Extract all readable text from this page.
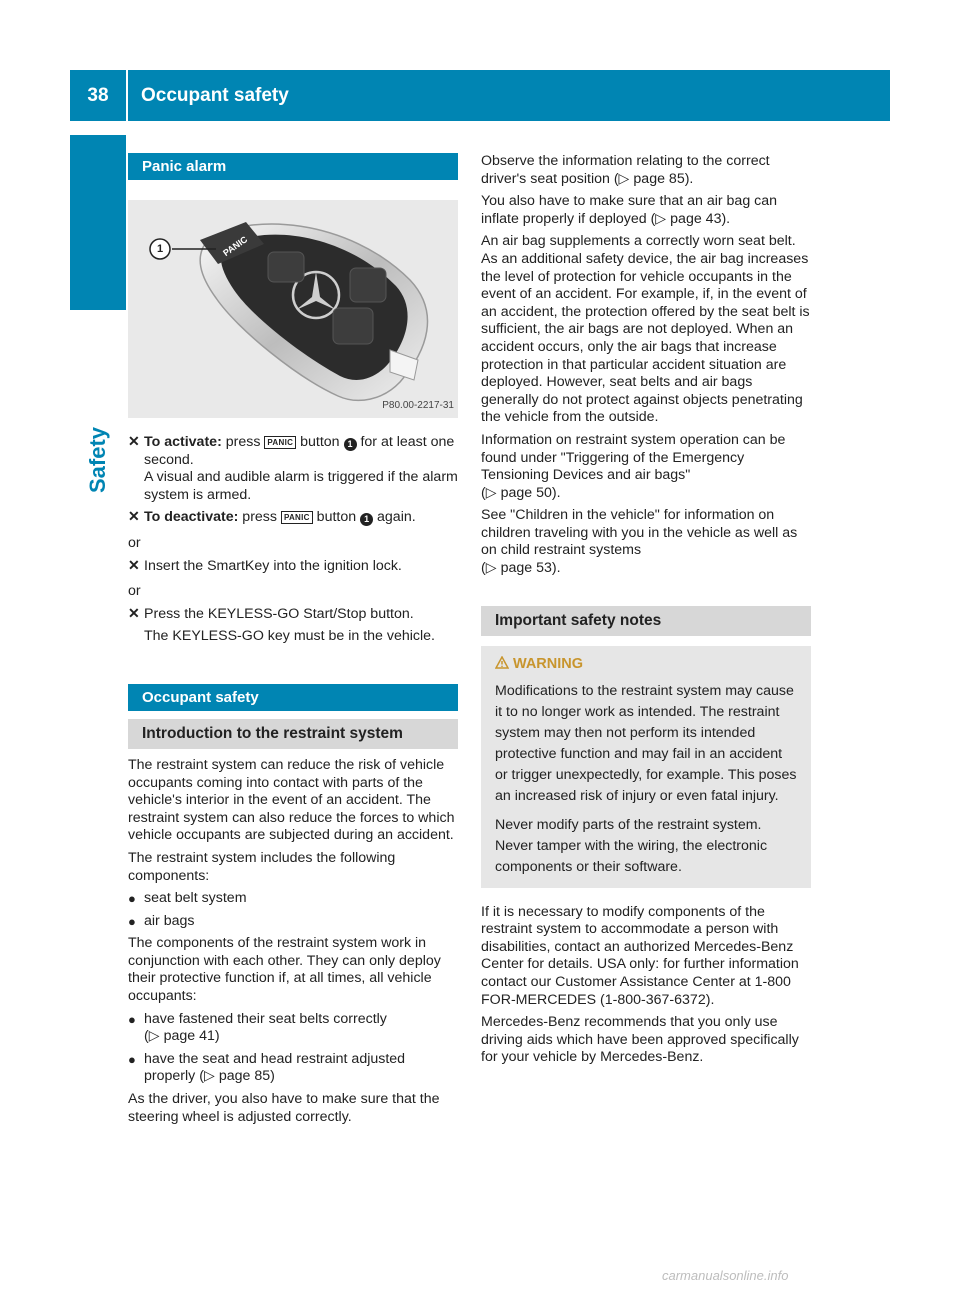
38	Occupant safety
Safety
Panic alarm
1	PANIC
P80.00-2217-31
✕ To activate: press PANIC button 1 for at least one second.
A visual and audible alarm is triggered if the alarm system is armed.
✕ To deactivate: press PANIC button 1 again.

or

✕ Insert the SmartKey into the ignition lock.

or

✕ Press the KEYLESS-GO Start/Stop button.

The KEYLESS-GO key must be in the vehicle.

Occupant safety
Introduction to the restraint system

The restraint system can reduce the risk of vehicle occupants coming into contact with parts of the vehicle's interior in the event of an accident. The restraint system can also reduce the forces to which vehicle occupants are subjected during an accident.

The restraint system includes the following components:

● seat belt system
● air bags

The components of the restraint system work in conjunction with each other. They can only deploy their protective function if, at all times, all vehicle occupants:

● have fastened their seat belts correctly
(▷ page 41)
● have the seat and head restraint adjusted properly (▷ page 85)

As the driver, you also have to make sure that the steering wheel is adjusted correctly.

Observe the information relating to the correct driver's seat position (▷ page 85).

You also have to make sure that an air bag can inflate properly if deployed (▷ page 43).

An air bag supplements a correctly worn seat belt. As an additional safety device, the air bag increases the level of protection for vehicle occupants in the event of an accident. For example, if, in the event of an accident, the protection offered by the seat belt is sufficient, the air bags are not deployed. When an accident occurs, only the air bags that increase protection in that particular accident situation are deployed. However, seat belts and air bags generally do not protect against objects penetrating the vehicle from the outside.

Information on restraint system operation can be found under "Triggering of the Emergency Tensioning Devices and air bags"
(▷ page 50).

See "Children in the vehicle" for information on children traveling with you in the vehicle as well as on child restraint systems
(▷ page 53).

Important safety notes
WARNING

Modifications to the restraint system may cause it to no longer work as intended. The restraint system may then not perform its intended protective function and may fail in an accident or trigger unexpectedly, for example. This poses an increased risk of injury or even fatal injury.

Never modify parts of the restraint system. Never tamper with the wiring, the electronic components or their software.

If it is necessary to modify components of the restraint system to accommodate a person with disabilities, contact an authorized Mercedes-Benz Center for details. USA only: for further information contact our Customer Assistance Center at 1-800 FOR-MERCEDES (1-800-367-6372).

Mercedes-Benz recommends that you only use driving aids which have been approved specifically for your vehicle by Mercedes-Benz.

carmanualsonline.info
